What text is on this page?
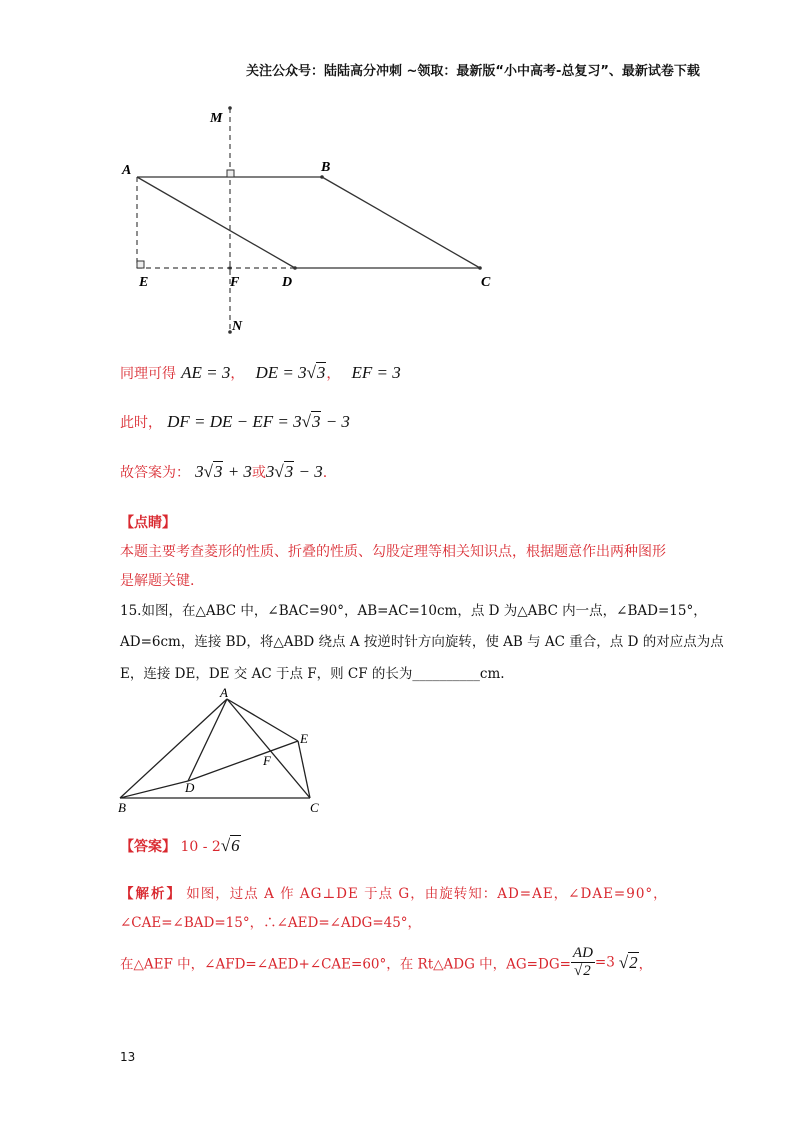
关注公众号：陆陆高分冲刺 ~领取：最新版“小中高考-总复习”、最新试卷下载
M
A	B
E	F	D	C
N
同理可得 AE = 3， DE = 3√3， EF = 3
此时， DF = DE − EF = 3√3 − 3
故答案为： 3√3 + 3或3√3 − 3.
【点睛】
本题主要考查菱形的性质、折叠的性质、勾股定理等相关知识点，根据题意作出两种图形
是解题关键.
15.如图，在△ABC 中，∠BAC=90°，AB=AC=10cm，点 D 为△ABC 内一点，∠BAD=15°，
AD=6cm，连接 BD，将△ABD 绕点 A 按逆时针方向旋转，使 AB 与 AC 重合，点 D 的对应点为点
E，连接 DE，DE 交 AC 于点 F，则 CF 的长为__________cm.
A
E
F
D
B	C
【答案】 10 - 2√6
【解析】 如图，过点 A 作 AG⊥DE 于点 G，由旋转知：AD=AE，∠DAE=90°，
∠CAE=∠BAD=15°，∴∠AED=∠ADG=45°，
在△AEF 中，∠AFD=∠AED+∠CAE=60°，在 Rt△ADG 中，$AG=DG= \frac{AD}{√2} =3$ √2，
13
